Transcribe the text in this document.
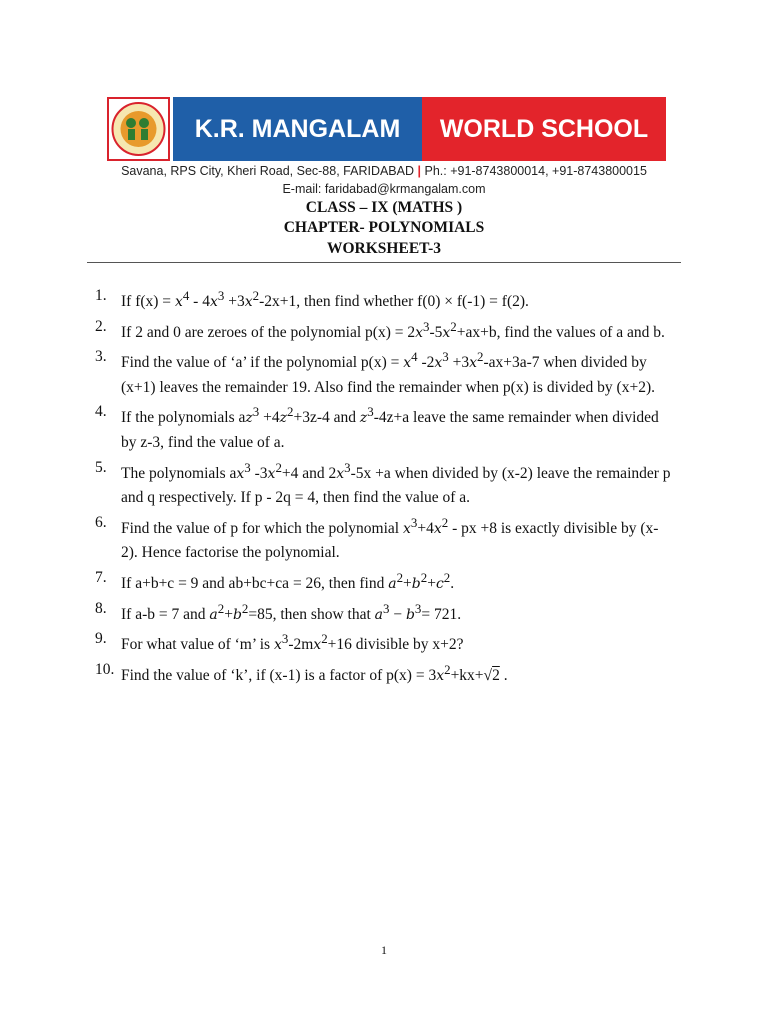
K.R. MANGALAM	WORLD SCHOOL
Savana, RPS City, Kheri Road, Sec-88, FARIDABAD | Ph.: +91-8743800014, +91-8743800015
E-mail: faridabad@krmangalam.com
CLASS – IX (MATHS )
CHAPTER- POLYNOMIALS
WORKSHEET-3
1. If $f(x) = x^4 - 4x^3 +3x^2-2x+1$, then find whether f(0) × f(-1) = f(2).
2. If 2 and 0 are zeroes of the polynomial $p(x) = 2x^3-5x^2+ax+b$, find the values of a and b.
3. Find the value of ‘a’ if the polynomial $p(x) = x^4$ $-2x^3 +3x^2-ax+3a-7$ when divided by (x+1) leaves the remainder 19. Also find the remainder when p(x) is divided by (x+2).
4. If the polynomials $az^3 +4z^2+3z-4$ and $z^3-4z+a$ leave the same remainder when divided by z-3, find the value of a.
5. The polynomials $ax^3$ $-3x^2+4$ and $2x^3-5x +a$ when divided by (x-2) leave the remainder p and q respectively. If p - 2q = 4, then find the value of a.
6. Find the value of p for which the polynomial $x^3+4x^2$ - px +8 is exactly divisible by (x-2). Hence factorise the polynomial.
7. If a+b+c = 9 and ab+bc+ca = 26, then find $a^2+b^2+c^2$.
8. If a-b = 7 and $a^2+b^2=85$, then show that $a^3 - b^3= 721$.
9. For what value of ‘m’ is $x^3-2mx^2+16$ divisible by x+2?
10. Find the value of ‘k’, if (x-1) is a factor of $p(x) = 3x^2+kx+√2$ .
1
